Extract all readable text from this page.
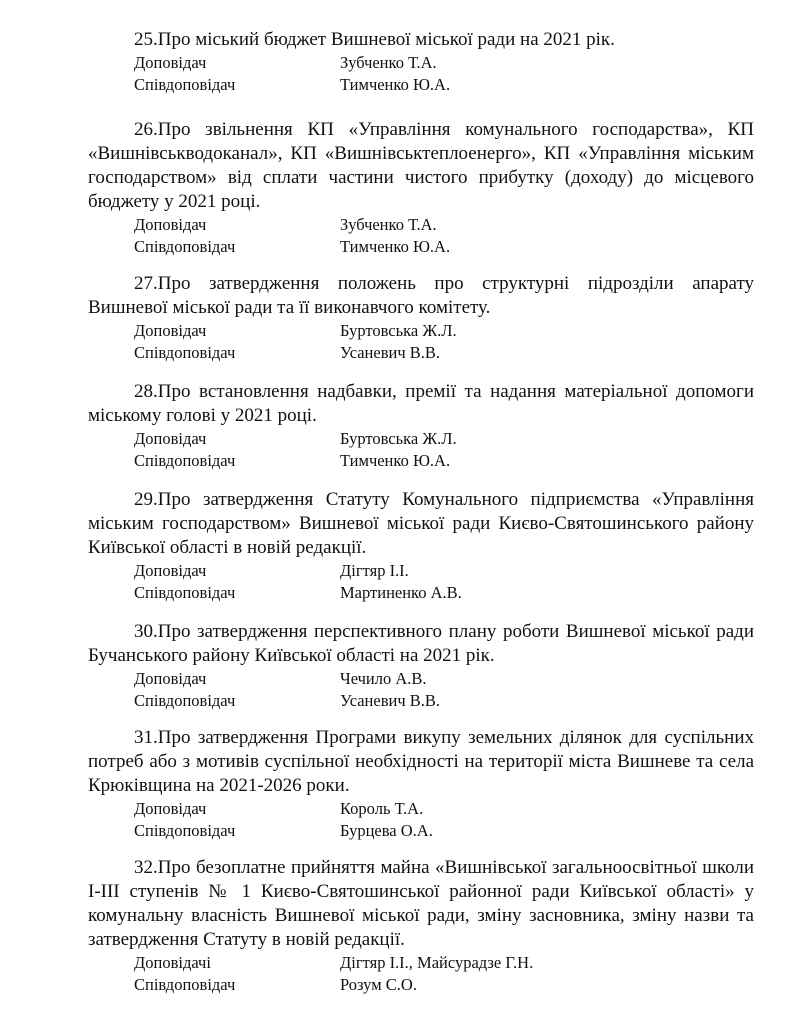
25.Про міський бюджет Вишневої міської ради на 2021 рік.

Доповідач	Зубченко Т.А.
Співдоповідач	Тимченко Ю.А.

26.Про звільнення КП «Управління комунального господарства», КП «Вишнівськводоканал», КП «Вишнівськтеплоенерго», КП «Управління міським господарством» від сплати частини чистого прибутку (доходу) до місцевого бюджету у 2021 році.

Доповідач	Зубченко Т.А.
Співдоповідач	Тимченко Ю.А.

27.Про затвердження положень про структурні підрозділи апарату Вишневої міської ради та її виконавчого комітету.

Доповідач	Буртовська Ж.Л.
Співдоповідач	Усаневич В.В.

28.Про встановлення надбавки, премії та надання матеріальної допомоги міському голові у 2021 році.

Доповідач	Буртовська Ж.Л.
Співдоповідач	Тимченко Ю.А.

29.Про затвердження Статуту Комунального підприємства «Управління міським господарством» Вишневої міської ради Києво-Святошинського району Київської області в новій редакції.

Доповідач	Дігтяр І.І.
Співдоповідач	Мартиненко А.В.

30.Про затвердження перспективного плану роботи Вишневої міської ради Бучанського району Київської області на 2021 рік.

Доповідач	Чечило А.В.
Співдоповідач	Усаневич В.В.

31.Про затвердження Програми викупу земельних ділянок для суспільних потреб або з мотивів суспільної необхідності на території міста Вишневе та села Крюківщина на 2021-2026 роки.

Доповідач	Король Т.А.
Співдоповідач	Бурцева О.А.

32.Про безоплатне прийняття майна «Вишнівської загальноосвітньої школи І-ІІІ ступенів № 1 Києво-Святошинської районної ради Київської області» у комунальну власність Вишневої міської ради, зміну засновника, зміну назви та затвердження Статуту в новій редакції.

Доповідачі	Дігтяр І.І., Майсурадзе Г.Н.
Співдоповідач	Розум С.О.
